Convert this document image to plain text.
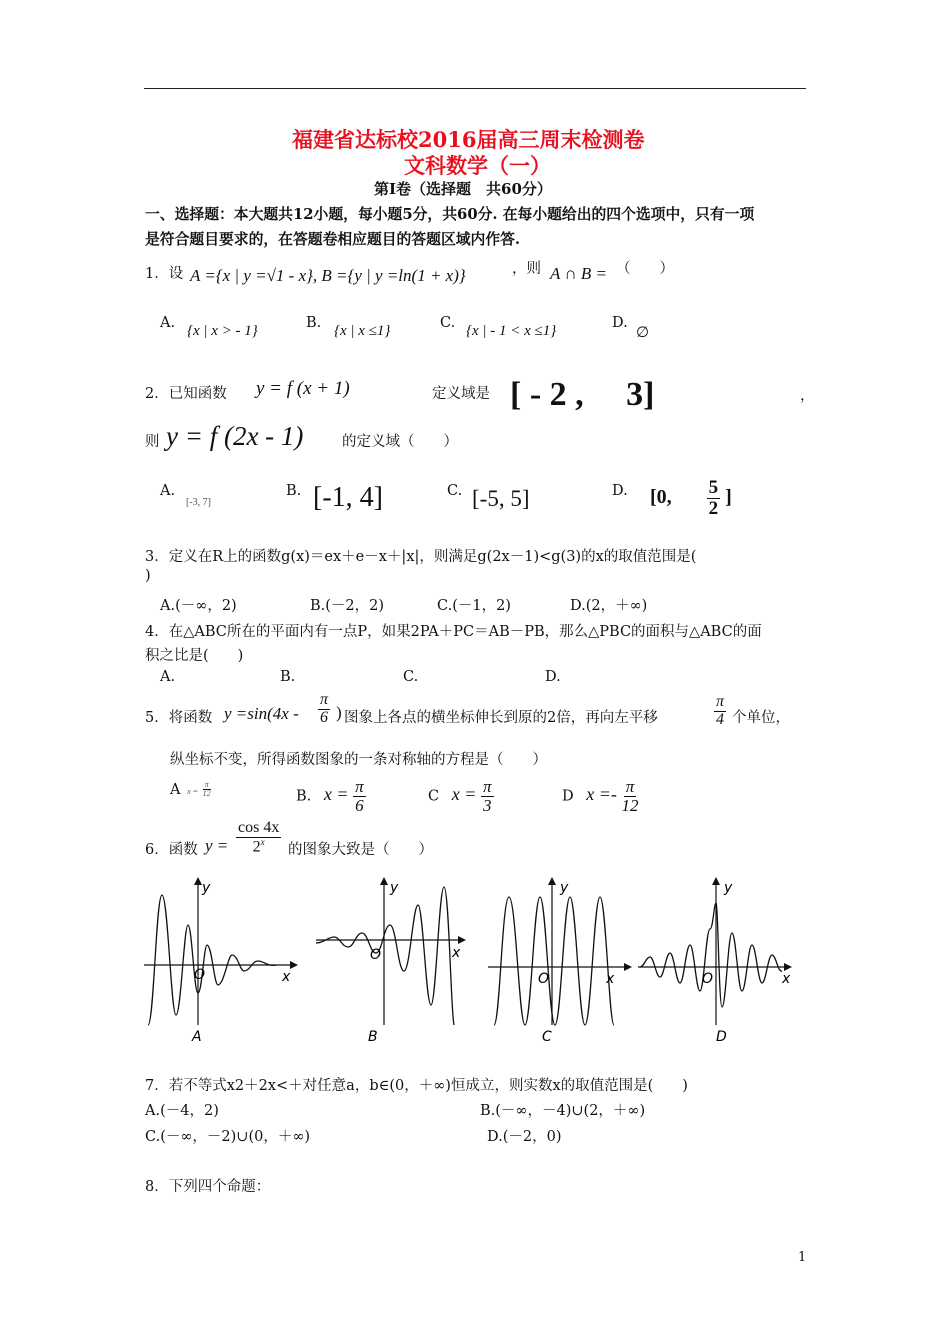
福建省达标校2016届高三周末检测卷
文科数学（一）
第Ⅰ卷（选择题　共60分）
一、选择题：本大题共12小题，每小题5分，共60分. 在每小题给出的四个选项中，只有一项
是符合题目要求的，在答题卷相应题目的答题区域内作答.
1．设 A ={x | y =√1 - x}, B ={y | y =ln(1 + x)}	，则 A ∩ B = （　　）
A. {x | x > - 1}	B. {x | x ≤1}	C. {x | - 1 < x ≤1}	D.
∅
2．已知函数 y = f (x + 1)	定义域是 [ - 2 ,　 3]	，
则 y = f (2x - 1)	的定义域（　　）
A.
[-3, 7]
B. [-1, 4]	C. [-5, 5]	D. [0, $\frac{5}{2}$ ]
3．定义在R上的函数g(x)＝ex＋e－x＋|x|，则满足g(2x－1)<g(3)的x的取值范围是(
)
A.(－∞，2)	B.(－2，2)	C.(－1，2)	D.(2，＋∞)
4．在△ABC所在的平面内有一点P，如果2PA＋PC＝AB－PB，那么△PBC的面积与△ABC的面
积之比是(　　)
A.	B.	C.	D.
5．将函数 $y =\sin(4x - \frac{\pi}{6}$ ) 图象上各点的横坐标伸长到原的2倍，再向左平移	$\frac{\pi}{4}$ 个单位，
纵坐标不变，所得函数图象的一条对称轴的方程是（　　）
A $x = \frac{\pi}{12}$	B. $x = \frac{\pi}{6}$	C $x = \frac{\pi}{3}$	D $x =- \frac{\pi}{12}$
6．函数 $y = \frac{\cos 4x}{2^x}$ 的图象大致是（　　）
y
O	x
A
y
O	x
B
y
O	x
C
y
O	x
D
7．若不等式x2＋2x<＋对任意a，b∈(0，＋∞)恒成立，则实数x的取值范围是(　　)
A.(－4，2)	B.(－∞，－4)∪(2，＋∞)
C.(－∞，－2)∪(0，＋∞)	D.(－2，0)
8．下列四个命题：
1
